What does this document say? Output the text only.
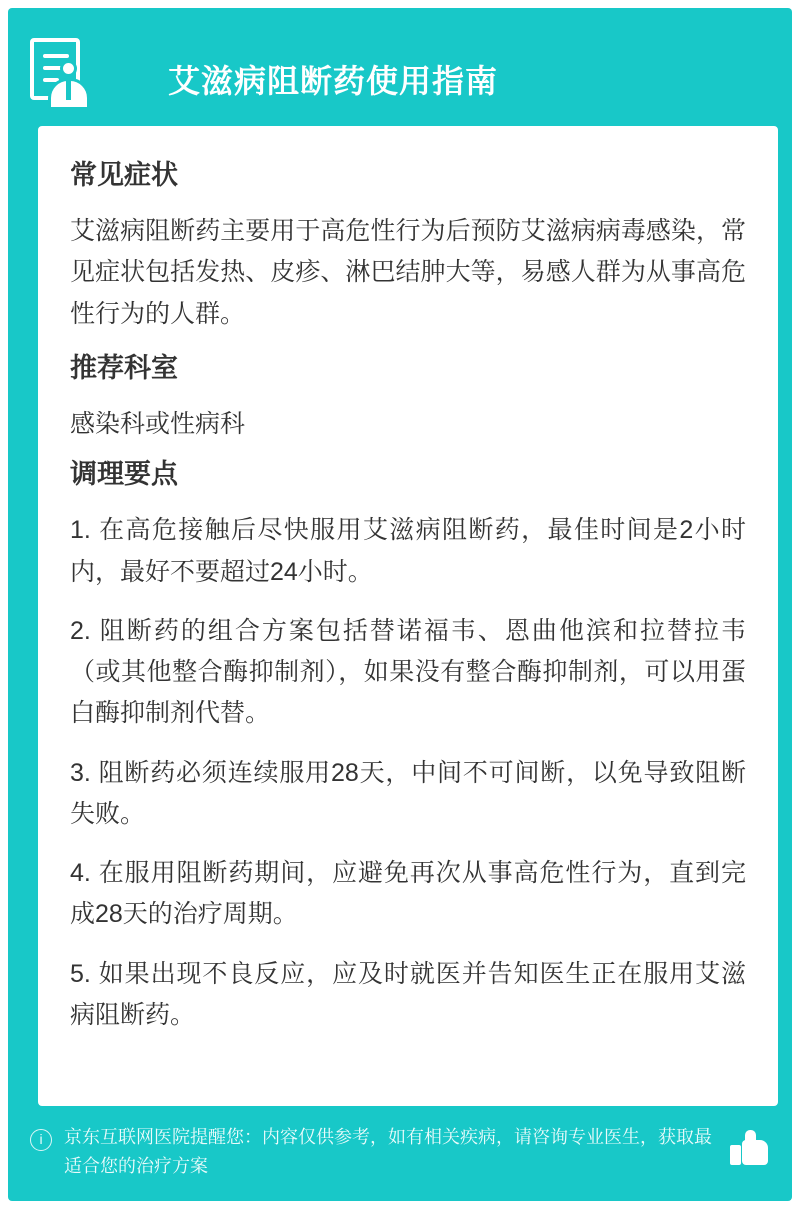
艾滋病阻断药使用指南
常见症状
艾滋病阻断药主要用于高危性行为后预防艾滋病病毒感染，常见症状包括发热、皮疹、淋巴结肿大等，易感人群为从事高危性行为的人群。
推荐科室
感染科或性病科
调理要点
1. 在高危接触后尽快服用艾滋病阻断药，最佳时间是2小时内，最好不要超过24小时。
2. 阻断药的组合方案包括替诺福韦、恩曲他滨和拉替拉韦（或其他整合酶抑制剂），如果没有整合酶抑制剂，可以用蛋白酶抑制剂代替。
3. 阻断药必须连续服用28天，中间不可间断，以免导致阻断失败。
4. 在服用阻断药期间，应避免再次从事高危性行为，直到完成28天的治疗周期。
5. 如果出现不良反应，应及时就医并告知医生正在服用艾滋病阻断药。
i	京东互联网医院提醒您：内容仅供参考，如有相关疾病，请咨询专业医生，获取最适合您的治疗方案
